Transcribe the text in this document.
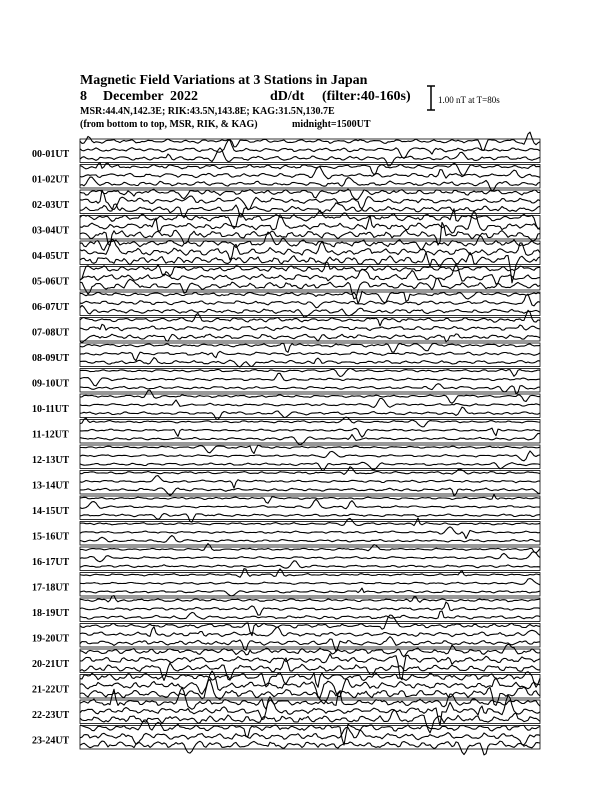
Magnetic Field Variations at 3 Stations in Japan
8 December 2022	dD/dt (filter:40-160s)
MSR:44.4N,142.3E; RIK:43.5N,143.8E; KAG:31.5N,130.7E
(from bottom to top, MSR, RIK, & KAG)	midnight=1500UT
1.00 nT at T=80s
00-01UT
01-02UT
02-03UT
03-04UT
04-05UT
05-06UT
06-07UT
07-08UT
08-09UT
09-10UT
10-11UT
11-12UT
12-13UT
13-14UT
14-15UT
15-16UT
16-17UT
17-18UT
18-19UT
19-20UT
20-21UT
21-22UT
22-23UT
23-24UT
